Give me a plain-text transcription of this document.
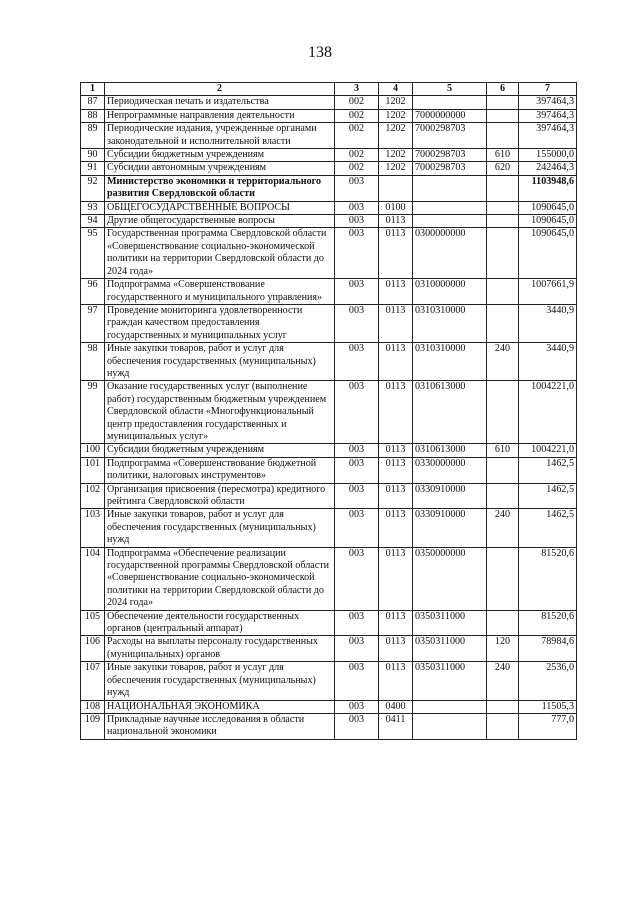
138
1	2	3	4	5	6	7
87	Периодическая печать и издательства	002	1202			397464,3
88	Непрограммные направления деятельности	002	1202	7000000000		397464,3
89	Периодические издания, учрежденные органами законодательной и исполнительной власти	002	1202	7000298703		397464,3
90	Субсидии бюджетным учреждениям	002	1202	7000298703	610	155000,0
91	Субсидии автономным учреждениям	002	1202	7000298703	620	242464,3
92	Министерство экономики и территориального развития Свердловской области	003				1103948,6
93	ОБЩЕГОСУДАРСТВЕННЫЕ ВОПРОСЫ	003	0100			1090645,0
94	Другие общегосударственные вопросы	003	0113			1090645,0
95	Государственная программа Свердловской области «Совершенствование социально-экономической политики на территории Свердловской области до 2024 года»	003	0113	0300000000		1090645,0
96	Подпрограмма «Совершенствование государственного и муниципального управления»	003	0113	0310000000		1007661,9
97	Проведение мониторинга удовлетворенности граждан качеством предоставления государственных и муниципальных услуг	003	0113	0310310000		3440,9
98	Иные закупки товаров, работ и услуг для обеспечения государственных (муниципальных) нужд	003	0113	0310310000	240	3440,9
99	Оказание государственных услуг (выполнение работ) государственным бюджетным учреждением Свердловской области «Многофункциональный центр предоставления государственных и муниципальных услуг»	003	0113	0310613000		1004221,0
100	Субсидии бюджетным учреждениям	003	0113	0310613000	610	1004221,0
101	Подпрограмма «Совершенствование бюджетной политики, налоговых инструментов»	003	0113	0330000000		1462,5
102	Организация присвоения (пересмотра) кредитного рейтинга Свердловской области	003	0113	0330910000		1462,5
103	Иные закупки товаров, работ и услуг для обеспечения государственных (муниципальных) нужд	003	0113	0330910000	240	1462,5
104	Подпрограмма «Обеспечение реализации государственной программы Свердловской области «Совершенствование социально-экономической политики на территории Свердловской области до 2024 года»	003	0113	0350000000		81520,6
105	Обеспечение деятельности государственных органов (центральный аппарат)	003	0113	0350311000		81520,6
106	Расходы на выплаты персоналу государственных (муниципальных) органов	003	0113	0350311000	120	78984,6
107	Иные закупки товаров, работ и услуг для обеспечения государственных (муниципальных) нужд	003	0113	0350311000	240	2536,0
108	НАЦИОНАЛЬНАЯ ЭКОНОМИКА	003	0400			11505,3
109	Прикладные научные исследования в области национальной экономики	003	0411			777,0
